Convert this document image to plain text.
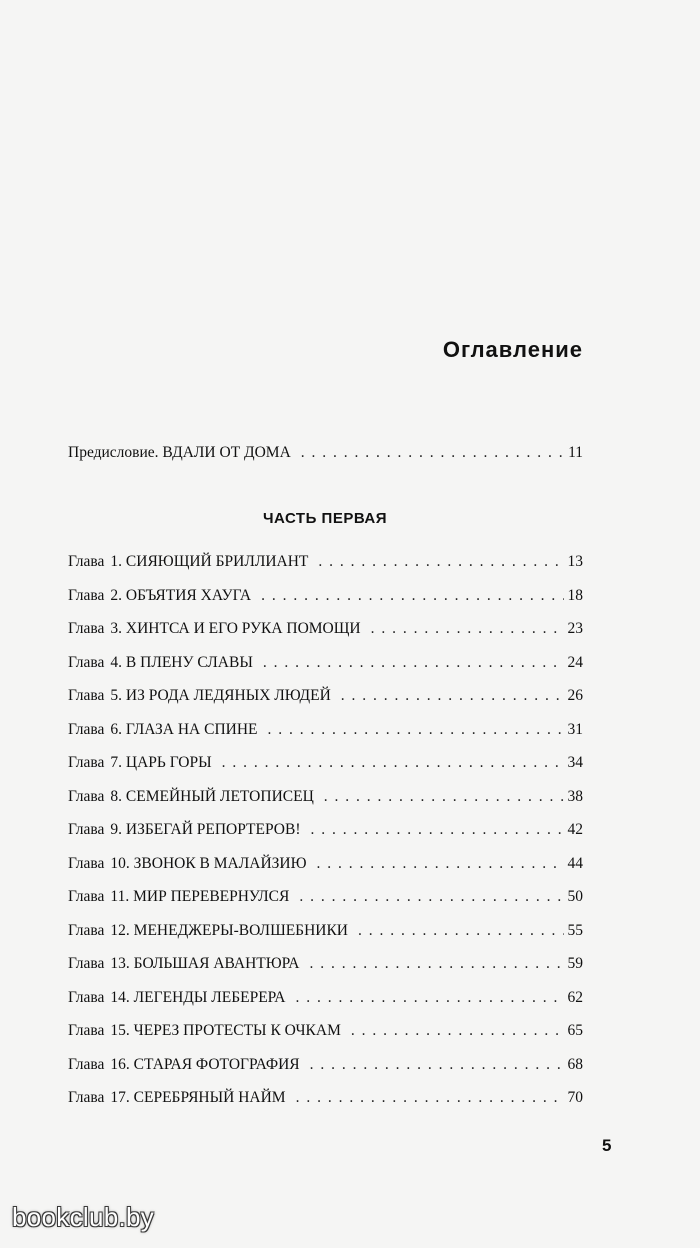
Оглавление
Предисловие. ВДАЛИ ОТ ДОМА . . .	11
ЧАСТЬ ПЕРВАЯ
Глава 1. СИЯЮЩИЙ БРИЛЛИАНТ . . .	13
Глава 2. ОБЪЯТИЯ ХАУГА . . .	18
Глава 3. ХИНТСА И ЕГО РУКА ПОМОЩИ . . .	23
Глава 4. В ПЛЕНУ СЛАВЫ . . .	24
Глава 5. ИЗ РОДА ЛЕДЯНЫХ ЛЮДЕЙ . . .	26
Глава 6. ГЛАЗА НА СПИНЕ . . .	31
Глава 7. ЦАРЬ ГОРЫ . . .	34
Глава 8. СЕМЕЙНЫЙ ЛЕТОПИСЕЦ . . .	38
Глава 9. ИЗБЕГАЙ РЕПОРТЕРОВ! . . .	42
Глава 10. ЗВОНОК В МАЛАЙЗИЮ . . .	44
Глава 11. МИР ПЕРЕВЕРНУЛСЯ . . .	50
Глава 12. МЕНЕДЖЕРЫ-ВОЛШЕБНИКИ . . .	55
Глава 13. БОЛЬШАЯ АВАНТЮРА . . .	59
Глава 14. ЛЕГЕНДЫ ЛЕБЕРЕРА . . .	62
Глава 15. ЧЕРЕЗ ПРОТЕСТЫ К ОЧКАМ . . .	65
Глава 16. СТАРАЯ ФОТОГРАФИЯ . . .	68
Глава 17. СЕРЕБРЯНЫЙ НАЙМ . . .	70
5
bookclub.by
